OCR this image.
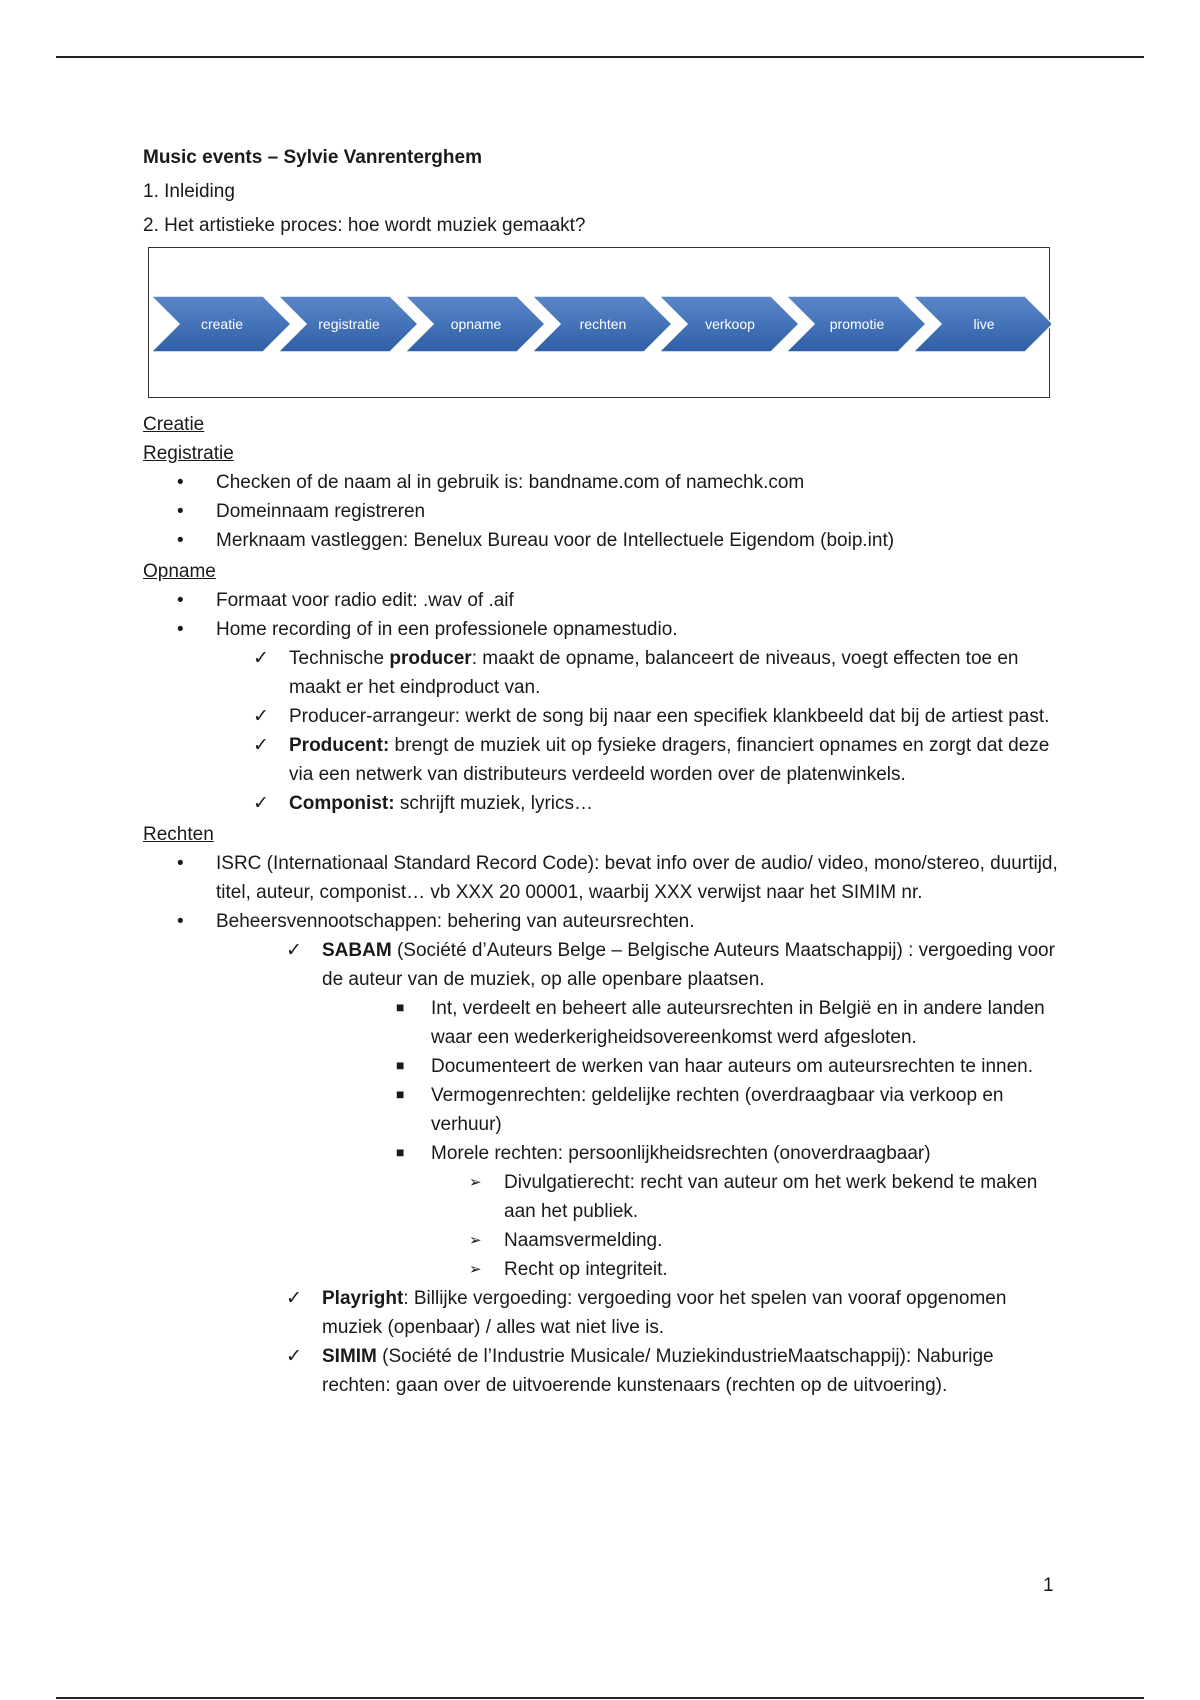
Music events – Sylvie Vanrenterghem

1. Inleiding

2. Het artistieke proces: hoe wordt muziek gemaakt?

creatie	registratie	opname	rechten	verkoop	promotie	live

Creatie

Registratie

• Checken of de naam al in gebruik is: bandname.com of namechk.com
• Domeinnaam registreren
• Merknaam vastleggen: Benelux Bureau voor de Intellectuele Eigendom (boip.int)

Opname

• Formaat voor radio edit: .wav of .aif
• Home recording of in een professionele opnamestudio.
✓ Technische producer: maakt de opname, balanceert de niveaus, voegt effecten toe en maakt er het eindproduct van.
✓ Producer-arrangeur: werkt de song bij naar een specifiek klankbeeld dat bij de artiest past.
✓ Producent: brengt de muziek uit op fysieke dragers, financiert opnames en zorgt dat deze via een netwerk van distributeurs verdeeld worden over de platenwinkels.
✓ Componist: schrijft muziek, lyrics…

Rechten

• ISRC (Internationaal Standard Record Code): bevat info over de audio/ video, mono/stereo, duurtijd, titel, auteur, componist… vb XXX 20 00001, waarbij XXX verwijst naar het SIMIM nr.
• Beheersvennootschappen: behering van auteursrechten.
✓ SABAM (Société d’Auteurs Belge – Belgische Auteurs Maatschappij) : vergoeding voor de auteur van de muziek, op alle openbare plaatsen.
■ Int, verdeelt en beheert alle auteursrechten in België en in andere landen waar een wederkerigheidsovereenkomst werd afgesloten.
■ Documenteert de werken van haar auteurs om auteursrechten te innen.
■ Vermogenrechten: geldelijke rechten (overdraagbaar via verkoop en verhuur)
■ Morele rechten: persoonlijkheidsrechten (onoverdraagbaar)
➢ Divulgatierecht: recht van auteur om het werk bekend te maken aan het publiek.
➢ Naamsvermelding.
➢ Recht op integriteit.
✓ Playright: Billijke vergoeding: vergoeding voor het spelen van vooraf opgenomen muziek (openbaar) / alles wat niet live is.
✓ SIMIM (Société de l’Industrie Musicale/ MuziekindustrieMaatschappij): Naburige rechten: gaan over de uitvoerende kunstenaars (rechten op de uitvoering).
1
